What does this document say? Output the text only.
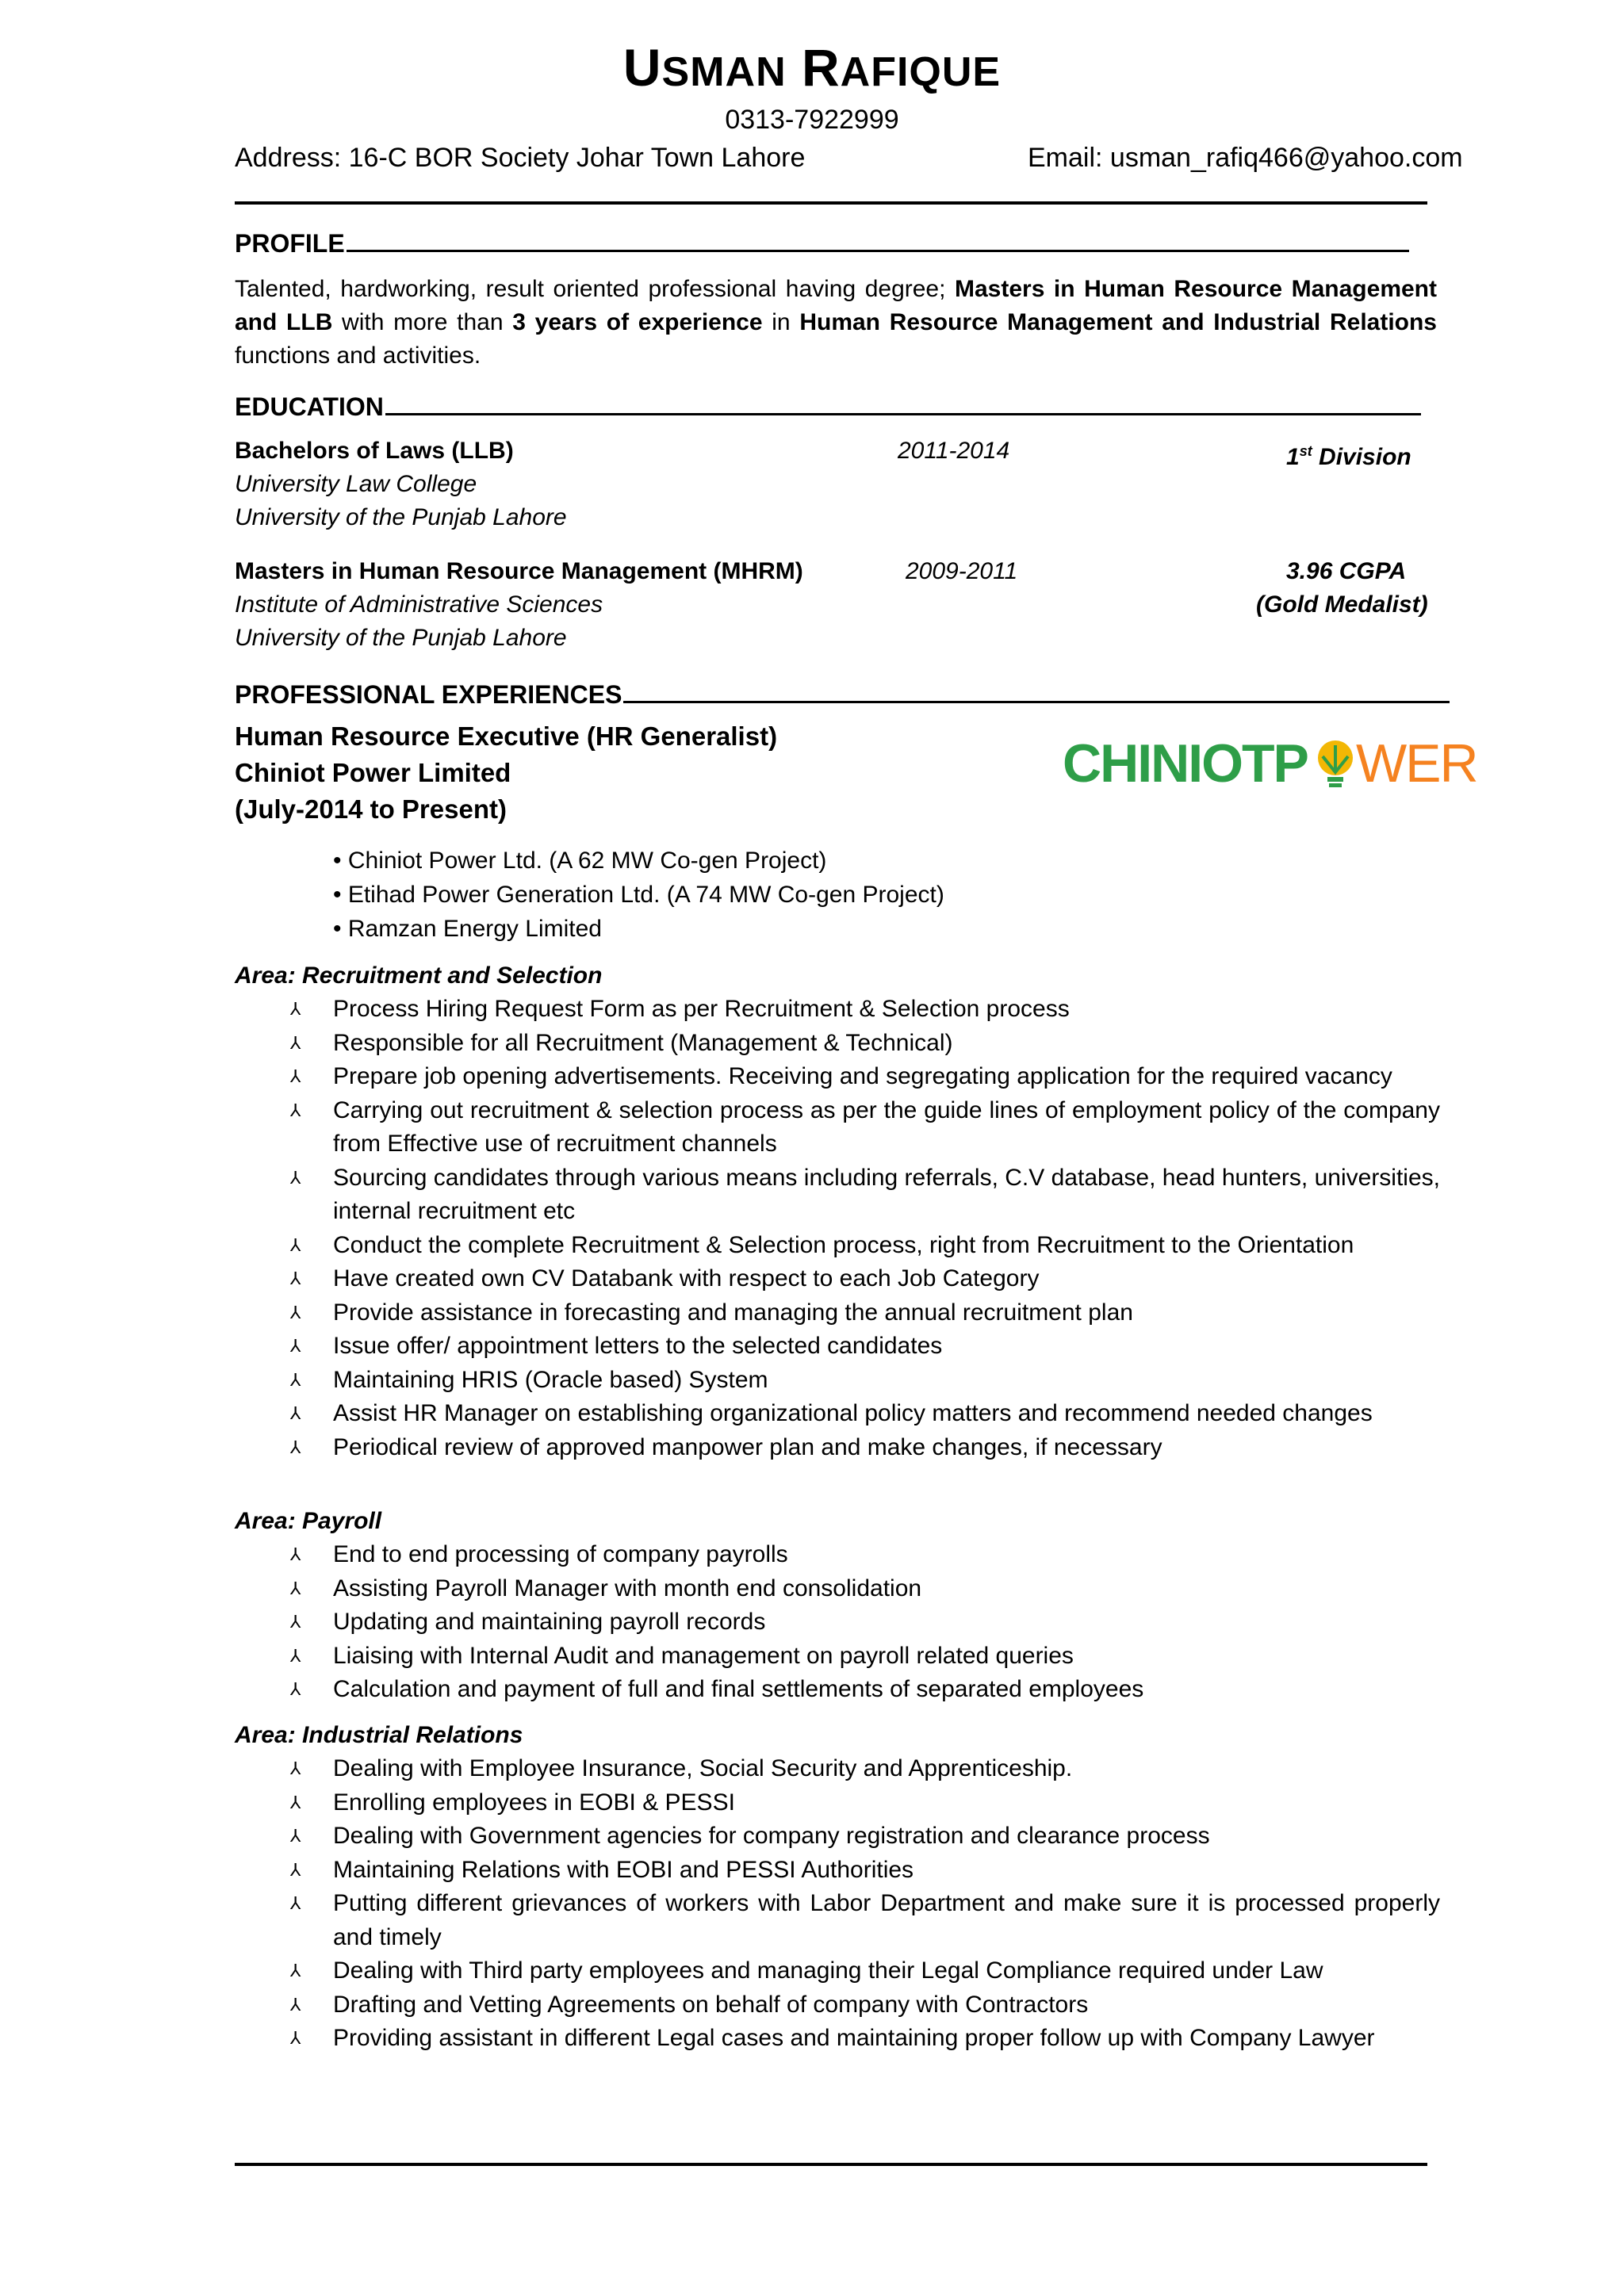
USMAN RAFIQUE
0313-7922999
Address: 16-C BOR Society Johar Town Lahore	Email: usman_rafiq466@yahoo.com
PROFILE

Talented, hardworking, result oriented professional having degree; Masters in Human Resource Management and LLB with more than 3 years of experience in Human Resource Management and Industrial Relations functions and activities.

EDUCATION
Bachelors of Laws (LLB)	2011-2014	1st Division
University Law College
University of the Punjab Lahore
Masters in Human Resource Management (MHRM)	2009-2011	3.96 CGPA
Institute of Administrative Sciences	(Gold Medalist)
University of the Punjab Lahore
PROFESSIONAL EXPERIENCES
Human Resource Executive (HR Generalist)
Chiniot Power Limited
(July-2014 to Present)
CHINIOTP WER
• Chiniot Power Ltd. (A 62 MW Co-gen Project)
• Etihad Power Generation Ltd. (A 74 MW Co-gen Project)
• Ramzan Energy Limited
Area: Recruitment and Selection
⅄ Process Hiring Request Form as per Recruitment & Selection process
⅄ Responsible for all Recruitment (Management & Technical)
⅄ Prepare job opening advertisements. Receiving and segregating application for the required vacancy
⅄ Carrying out recruitment & selection process as per the guide lines of employment policy of the company from Effective use of recruitment channels
⅄ Sourcing candidates through various means including referrals, C.V database, head hunters, universities, internal recruitment etc
⅄ Conduct the complete Recruitment & Selection process, right from Recruitment to the Orientation
⅄ Have created own CV Databank with respect to each Job Category
⅄ Provide assistance in forecasting and managing the annual recruitment plan
⅄ Issue offer/ appointment letters to the selected candidates
⅄ Maintaining HRIS (Oracle based) System
⅄ Assist HR Manager on establishing organizational policy matters and recommend needed changes
⅄ Periodical review of approved manpower plan and make changes, if necessary
Area: Payroll
⅄ End to end processing of company payrolls
⅄ Assisting Payroll Manager with month end consolidation
⅄ Updating and maintaining payroll records
⅄ Liaising with Internal Audit and management on payroll related queries
⅄ Calculation and payment of full and final settlements of separated employees
Area: Industrial Relations
⅄ Dealing with Employee Insurance, Social Security and Apprenticeship.
⅄ Enrolling employees in EOBI & PESSI
⅄ Dealing with Government agencies for company registration and clearance process
⅄ Maintaining Relations with EOBI and PESSI Authorities
⅄ Putting different grievances of workers with Labor Department and make sure it is processed properly and timely
⅄ Dealing with Third party employees and managing their Legal Compliance required under Law
⅄ Drafting and Vetting Agreements on behalf of company with Contractors
⅄ Providing assistant in different Legal cases and maintaining proper follow up with Company Lawyer
